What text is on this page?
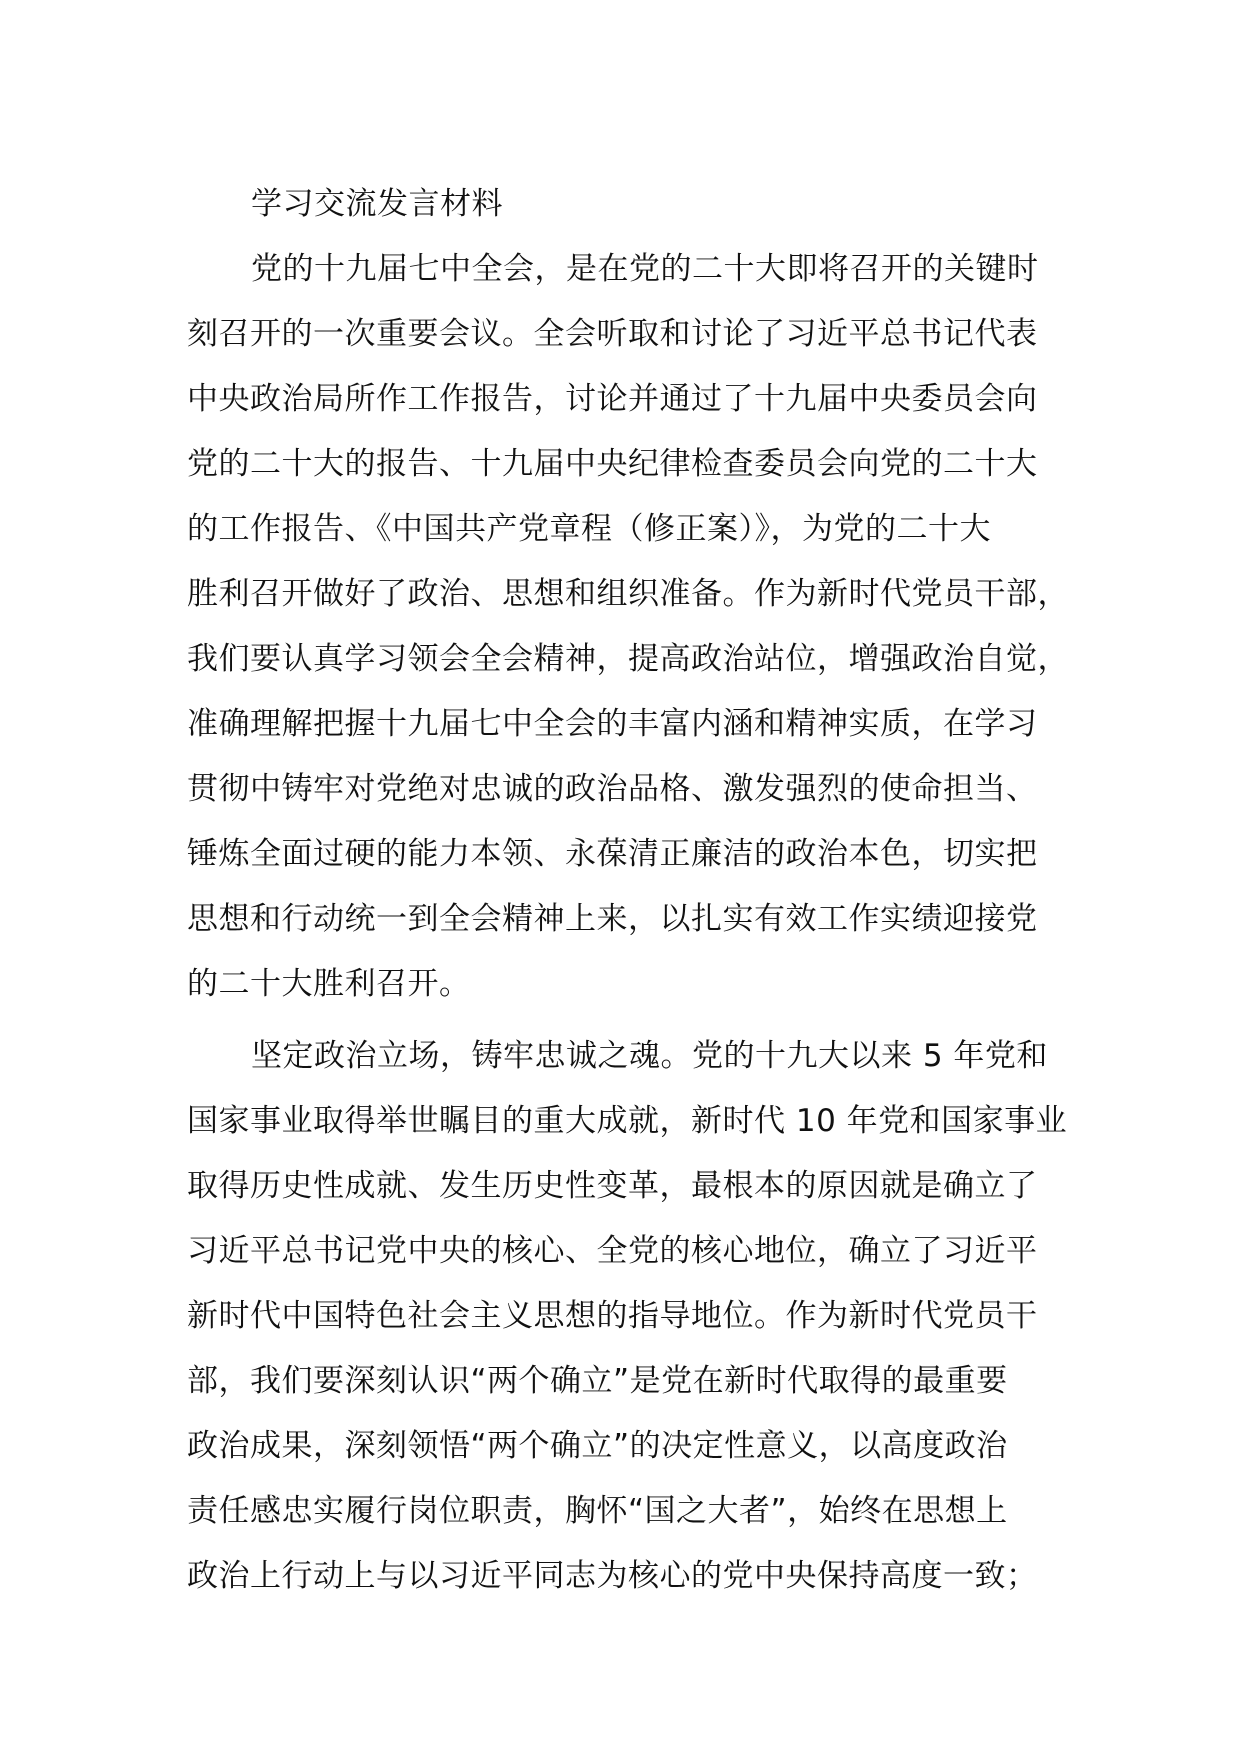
学习交流发言材料
党的十九届七中全会，是在党的二十大即将召开的关键时
刻召开的一次重要会议。全会听取和讨论了习近平总书记代表
中央政治局所作工作报告，讨论并通过了十九届中央委员会向
党的二十大的报告、十九届中央纪律检查委员会向党的二十大
的工作报告、《中国共产党章程（修正案）》，为党的二十大
胜利召开做好了政治、思想和组织准备。作为新时代党员干部，
我们要认真学习领会全会精神，提高政治站位，增强政治自觉，
准确理解把握十九届七中全会的丰富内涵和精神实质，在学习
贯彻中铸牢对党绝对忠诚的政治品格、激发强烈的使命担当、
锤炼全面过硬的能力本领、永葆清正廉洁的政治本色，切实把
思想和行动统一到全会精神上来，以扎实有效工作实绩迎接党
的二十大胜利召开。
坚定政治立场，铸牢忠诚之魂。党的十九大以来 5 年党和
国家事业取得举世瞩目的重大成就，新时代 10 年党和国家事业
取得历史性成就、发生历史性变革，最根本的原因就是确立了
习近平总书记党中央的核心、全党的核心地位，确立了习近平
新时代中国特色社会主义思想的指导地位。作为新时代党员干
部，我们要深刻认识“两个确立”是党在新时代取得的最重要
政治成果，深刻领悟“两个确立”的决定性意义，以高度政治
责任感忠实履行岗位职责，胸怀“国之大者”，始终在思想上
政治上行动上与以习近平同志为核心的党中央保持高度一致；
